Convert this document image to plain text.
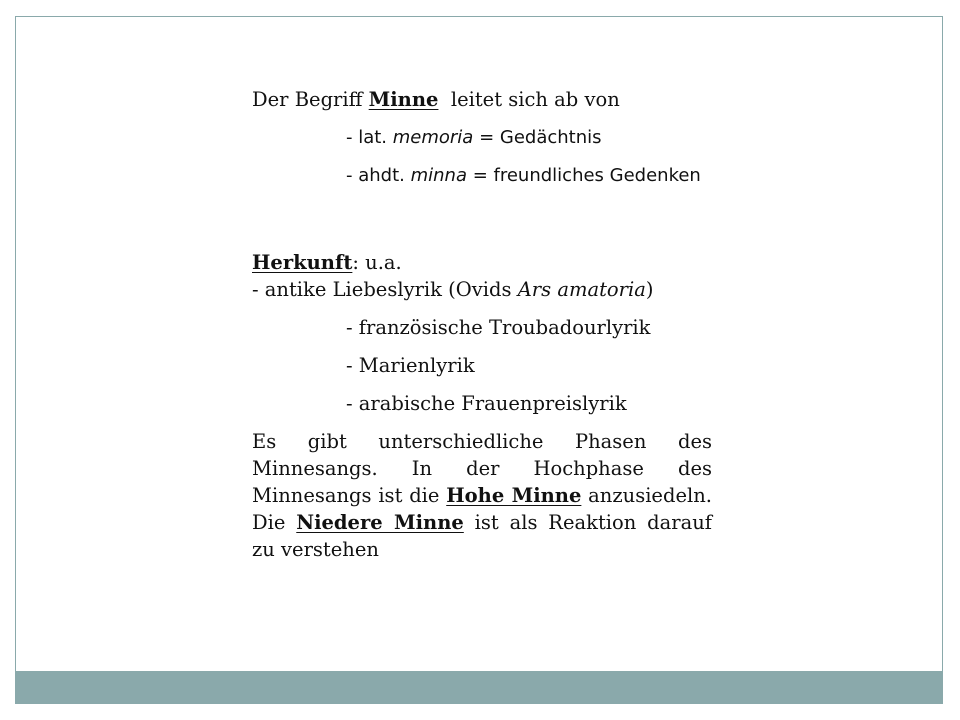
Der Begriff Minne  leitet sich ab von
- lat. memoria = Gedächtnis
- ahdt. minna = freundliches Gedenken
Herkunft: u.a.
- antike Liebeslyrik (Ovids Ars amatoria)
- französische Troubadourlyrik
- Marienlyrik
- arabische Frauenpreislyrik
Es gibt unterschiedliche Phasen des Minnesangs. In der Hochphase des Minnesangs ist die Hohe Minne anzusiedeln. Die Niedere Minne ist als Reaktion darauf zu verstehen
